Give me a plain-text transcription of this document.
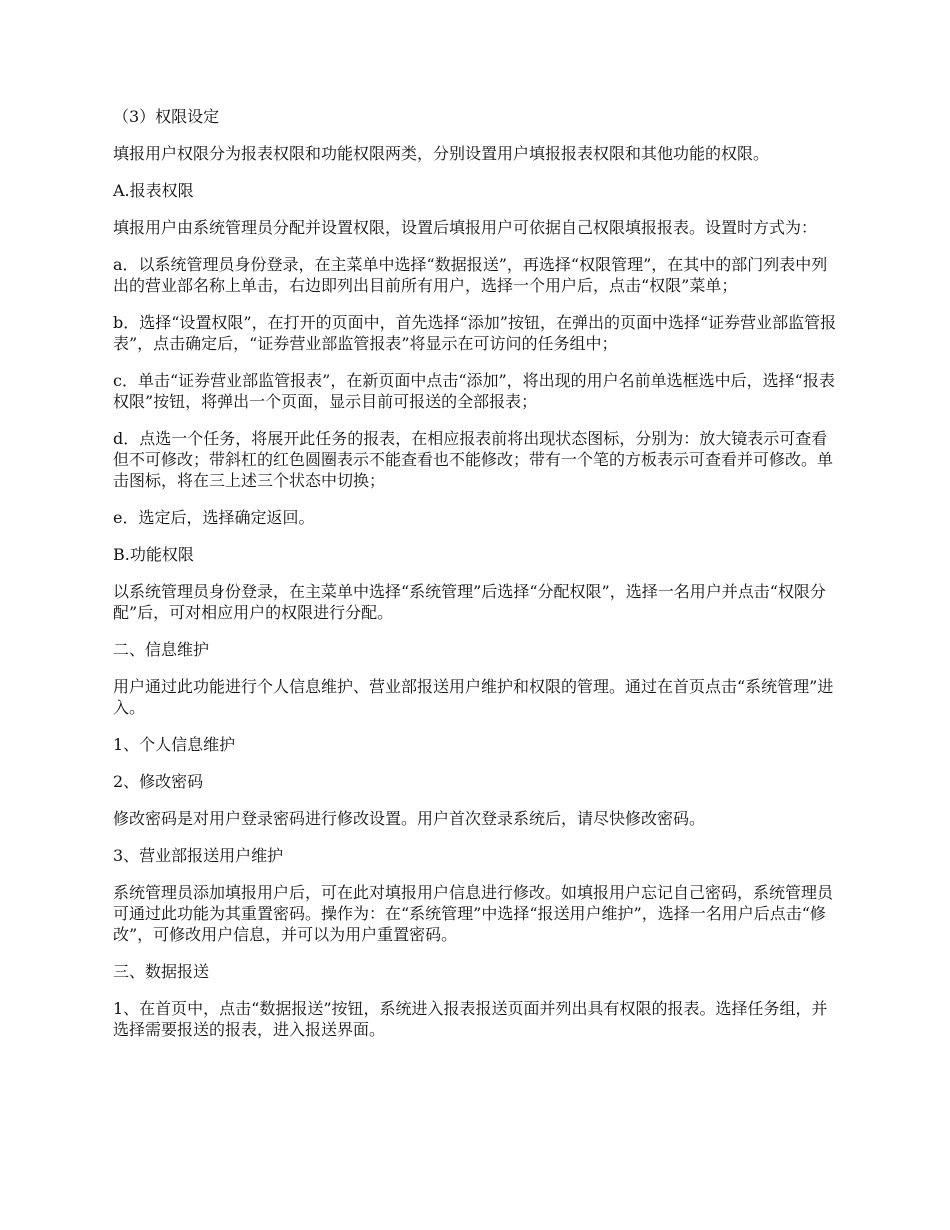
（3）权限设定

填报用户权限分为报表权限和功能权限两类，分别设置用户填报报表权限和其他功能的权限。

A.报表权限

填报用户由系统管理员分配并设置权限，设置后填报用户可依据自己权限填报报表。设置时方式为：

a．以系统管理员身份登录，在主菜单中选择“数据报送”，再选择“权限管理”，在其中的部门列表中列出的营业部名称上单击，右边即列出目前所有用户，选择一个用户后，点击“权限”菜单；

b．选择“设置权限”，在打开的页面中，首先选择“添加”按钮，在弹出的页面中选择“证券营业部监管报表”，点击确定后，“证券营业部监管报表”将显示在可访问的任务组中；

c．单击“证券营业部监管报表”，在新页面中点击“添加”，将出现的用户名前单选框选中后，选择“报表权限”按钮，将弹出一个页面，显示目前可报送的全部报表；

d．点选一个任务，将展开此任务的报表，在相应报表前将出现状态图标，分别为：放大镜表示可查看但不可修改；带斜杠的红色圆圈表示不能查看也不能修改；带有一个笔的方板表示可查看并可修改。单击图标，将在三上述三个状态中切换；

e．选定后，选择确定返回。

B.功能权限

以系统管理员身份登录，在主菜单中选择“系统管理”后选择“分配权限”，选择一名用户并点击“权限分配”后，可对相应用户的权限进行分配。

二、信息维护

用户通过此功能进行个人信息维护、营业部报送用户维护和权限的管理。通过在首页点击“系统管理”进入。

1、个人信息维护

2、修改密码

修改密码是对用户登录密码进行修改设置。用户首次登录系统后，请尽快修改密码。

3、营业部报送用户维护

系统管理员添加填报用户后，可在此对填报用户信息进行修改。如填报用户忘记自己密码，系统管理员可通过此功能为其重置密码。操作为：在“系统管理”中选择“报送用户维护”，选择一名用户后点击“修改”，可修改用户信息，并可以为用户重置密码。

三、数据报送

1、在首页中，点击“数据报送”按钮，系统进入报表报送页面并列出具有权限的报表。选择任务组，并选择需要报送的报表，进入报送界面。
